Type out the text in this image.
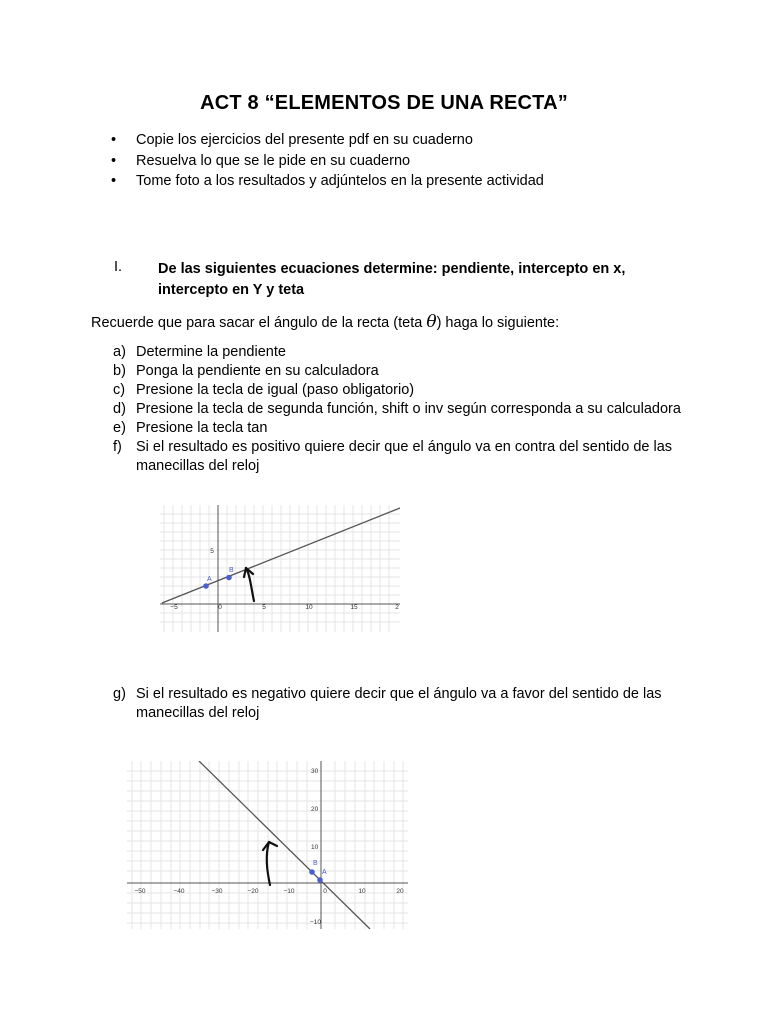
ACT 8 “ELEMENTOS DE UNA RECTA”
• Copie los ejercicios del presente pdf en su cuaderno
• Resuelva lo que se le pide en su cuaderno
• Tome foto a los resultados y adjúntelos en la presente actividad
I. De las siguientes ecuaciones determine: pendiente, intercepto en x, intercepto en Y y teta
Recuerde que para sacar el ángulo de la recta (teta θ) haga lo siguiente:
a) Determine la pendiente
b) Ponga la pendiente en su calculadora
c) Presione la tecla de igual (paso obligatorio)
d) Presione la tecla de segunda función, shift o inv según corresponda a su calculadora
e) Presione la tecla tan
f) Si el resultado es positivo quiere decir que el ángulo va en contra del sentido de las manecillas del reloj
−5	0	5	10	15	2
5
A
B
g) Si el resultado es negativo quiere decir que el ángulo va a favor del sentido de las manecillas del reloj
−50	−40	−30	−20	−10	0	10	20
30
20
10
−10
B
A
